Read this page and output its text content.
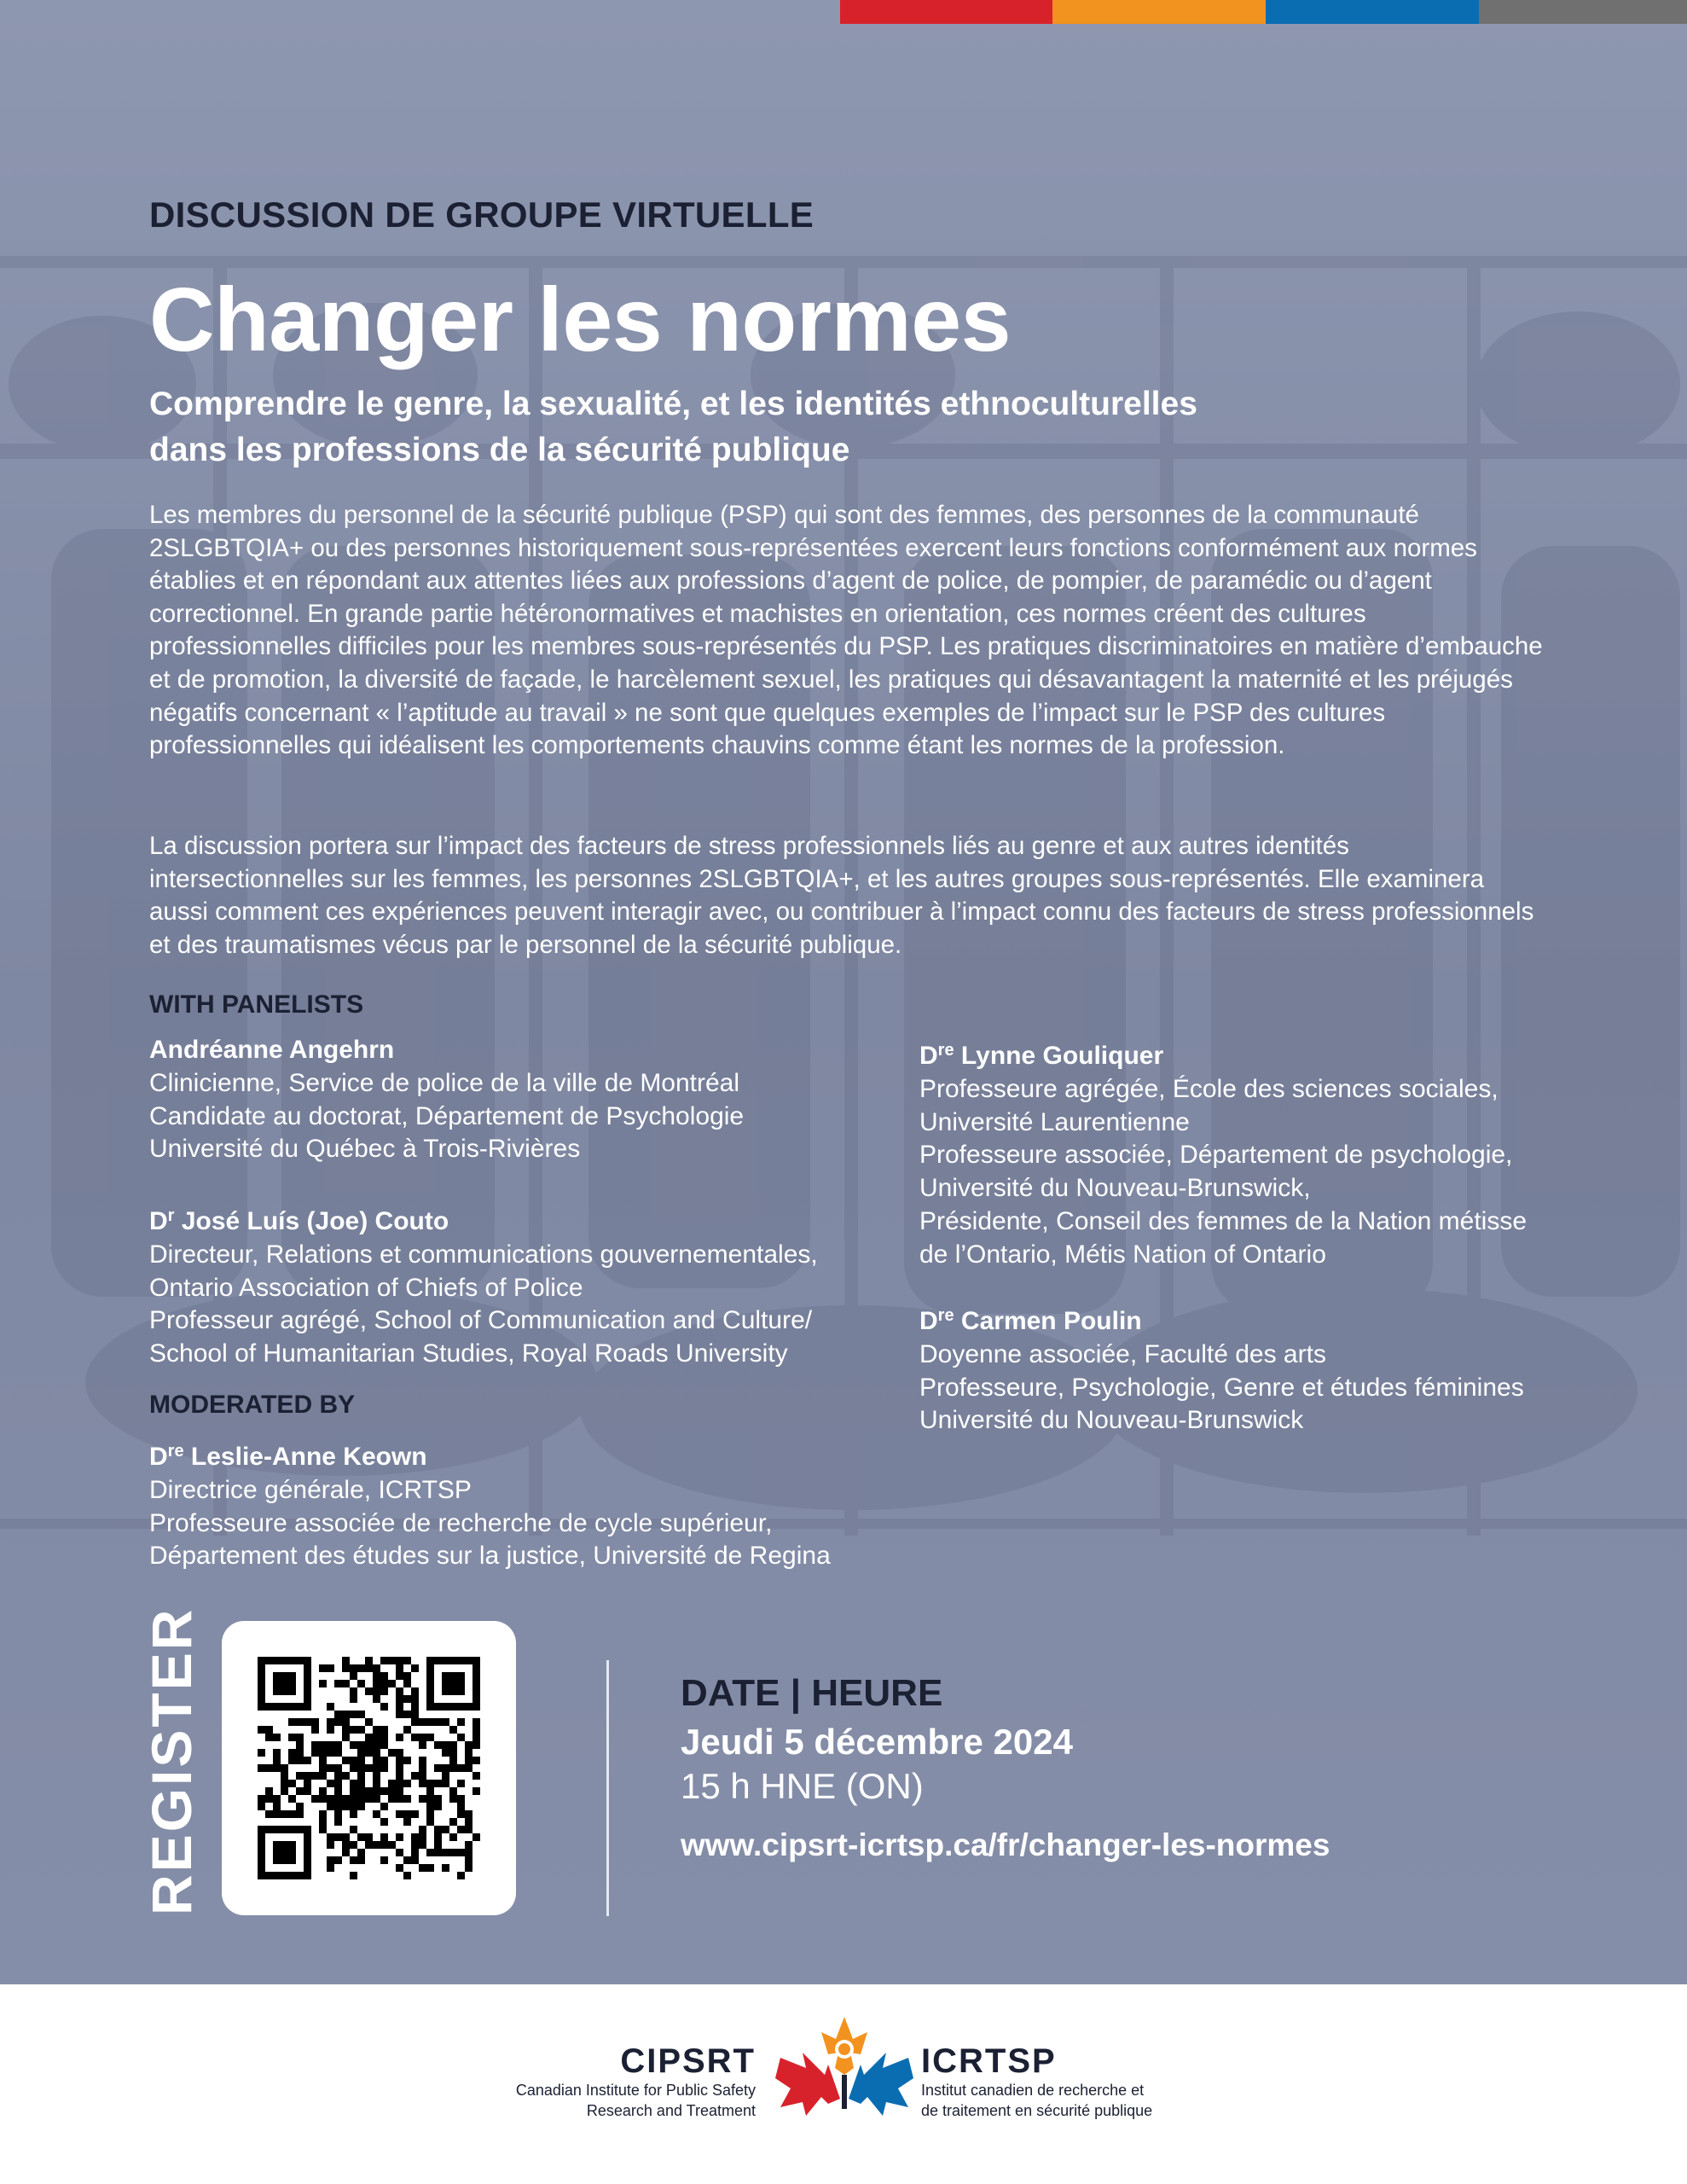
DISCUSSION DE GROUPE VIRTUELLE
Changer les normes
Comprendre le genre, la sexualité, et les identités ethnoculturelles
dans les professions de la sécurité publique
Les membres du personnel de la sécurité publique (PSP) qui sont des femmes, des personnes de la communauté 2SLGBTQIA+ ou des personnes historiquement sous-représentées exercent leurs fonctions conformément aux normes établies et en répondant aux attentes liées aux professions d’agent de police, de pompier, de paramédic ou d’agent correctionnel. En grande partie hétéronormatives et machistes en orientation, ces normes créent des cultures professionnelles difficiles pour les membres sous-représentés du PSP. Les pratiques discriminatoires en matière d’embauche et de promotion, la diversité de façade, le harcèlement sexuel, les pratiques qui désavantagent la maternité et les préjugés négatifs concernant « l’aptitude au travail » ne sont que quelques exemples de l’impact sur le PSP des cultures professionnelles qui idéalisent les comportements chauvins comme étant les normes de la profession.
La discussion portera sur l’impact des facteurs de stress professionnels liés au genre et aux autres identités intersectionnelles sur les femmes, les personnes 2SLGBTQIA+, et les autres groupes sous-représentés. Elle examinera aussi comment ces expériences peuvent interagir avec, ou contribuer à l’impact connu des facteurs de stress professionnels et des traumatismes vécus par le personnel de la sécurité publique.
WITH PANELISTS
Andréanne Angehrn
Clinicienne, Service de police de la ville de Montréal
Candidate au doctorat, Département de Psychologie
Université du Québec à Trois-Rivières
$D^r$ José Luís (Joe) Couto
Directeur, Relations et communications gouvernementales,
Ontario Association of Chiefs of Police
Professeur agrégé, School of Communication and Culture/
School of Humanitarian Studies, Royal Roads University
MODERATED BY
Dre Leslie-Anne Keown
Directrice générale, ICRTSP
Professeure associée de recherche de cycle supérieur,
Département des études sur la justice, Université de Regina
Dre Lynne Gouliquer
Professeure agrégée, École des sciences sociales,
Université Laurentienne
Professeure associée, Département de psychologie,
Université du Nouveau-Brunswick,
Présidente, Conseil des femmes de la Nation métisse
de l’Ontario, Métis Nation of Ontario
Dre Carmen Poulin
Doyenne associée, Faculté des arts
Professeure, Psychologie, Genre et études féminines
Université du Nouveau-Brunswick
REGISTER	DATE | HEURE
Jeudi 5 décembre 2024
15 h HNE (ON)
www.cipsrt-icrtsp.ca/fr/changer-les-normes
CIPSRT
Canadian Institute for Public Safety
Research and Treatment
ICRTSP
Institut canadien de recherche et
de traitement en sécurité publique
